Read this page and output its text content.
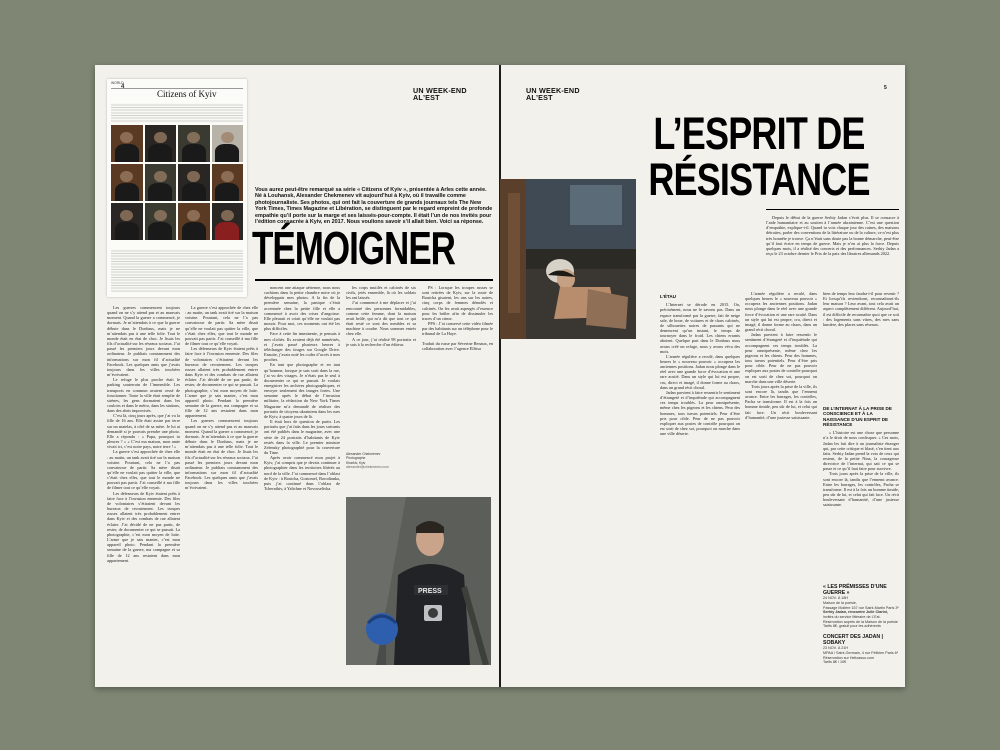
WORLD
4
Citizens of Kyiv	UN WEEK-END
ALʼEST
Vous aurez peut-être remarqué sa série « Citizens of Kyiv », présentée à Arles cette année. Né à Louhansk, Alexander Chekmenev vit aujourd’hui à Kyiv, où il travaille comme photojournaliste. Ses photos, qui ont fait la couverture de grands journaux tels The New York Times, Times Magazine et Libération, se distinguent par le regard empreint de profonde empathie qu’il porte sur la marge et ses laissés-pour-compte. Il était l’un de nos invités pour l’édition consacrée à Kyiv, en 2017. Nous voulions savoir s’il allait bien. Voici sa réponse.
TÉMOIGNER

Les guerres commencent toujours quand on ne s’y attend pas et au mauvais moment. Quand la guerre a commencé, je dormais. Je m’attendais à ce que la guerre débute dans le Donbass, mais je ne m’attendais pas à une telle folie. Tout le monde était en état de choc. Je lisais les fils d’actualité sur les réseaux sociaux. J’ai passé les premiers jours devant mon ordinateur. Je publiais constamment des informations sur mon fil d’actualité Facebook. Les quelques amis que j’avais toujours dans les villes touchées m’écrivaient.

Le refuge le plus proche était le parking souterrain de l’immeuble. Les transports en commun avaient cessé de fonctionner. Toute la ville était remplie de sirènes, les gens dormaient dans les couloirs et dans le métro, dans les stations, dans des abris improvisés.

C’est là, cinq jours après, que j’ai vu la fille de 16 ans. Elle était assise par terre sur un matelas, à côté de sa mère. Je lui ai demandé si je pouvais prendre une photo. Elle a répondu : « Papa, pourquoi tu pleures ? » « C’est ma maison, mon amie vivait ici, c’est notre pays, notre terre ! »

La guerre s’est approchée de chez elle : au matin, un tank avait tiré sur la maison voisine. Pourtant, cela ne l’a pas convaincue de partir. Sa mère disait qu’elle ne voulait pas quitter la ville, que c’était chez elles, que tout le monde ne pouvait pas partir. J’ai conseillé à ma fille de filmer tout ce qu’elle voyait.

Les défenseurs de Kyiv étaient prêts à faire face à l’invasion ennemie. Des files de volontaires s’étiraient devant les bureaux de recrutement. Les troupes russes allaient très probablement entrer dans Kyiv et des combats de rue allaient éclater. J’ai décidé de ne pas partir, de rester, de documenter ce qui se passait. La photographie, c’est mon moyen de lutte. L’arme que je sais manier, c’est mon appareil photo. Pendant la première semaine de la guerre, ma compagne et sa fille de 12 ans restaient dans mon appartement.

La guerre s’est approchée de chez elle : au matin, un tank avait tiré sur la maison voisine. Pourtant, cela ne l’a pas convaincue de partir. Sa mère disait qu’elle ne voulait pas quitter la ville, que c’était chez elles, que tout le monde ne pouvait pas partir. J’ai conseillé à ma fille de filmer tout ce qu’elle voyait.

Les défenseurs de Kyiv étaient prêts à faire face à l’invasion ennemie. Des files de volontaires s’étiraient devant les bureaux de recrutement. Les troupes russes allaient très probablement entrer dans Kyiv et des combats de rue allaient éclater. J’ai décidé de ne pas partir, de rester, de documenter ce qui se passait. La photographie, c’est mon moyen de lutte. L’arme que je sais manier, c’est mon appareil photo. Pendant la première semaine de la guerre, ma compagne et sa fille de 12 ans restaient dans mon appartement.

Les guerres commencent toujours quand on ne s’y attend pas et au mauvais moment. Quand la guerre a commencé, je dormais. Je m’attendais à ce que la guerre débute dans le Donbass, mais je ne m’attendais pas à une telle folie. Tout le monde était en état de choc. Je lisais les fils d’actualité sur les réseaux sociaux. J’ai passé les premiers jours devant mon ordinateur. Je publiais constamment des informations sur mon fil d’actualité Facebook. Les quelques amis que j’avais toujours dans les villes touchées m’écrivaient.

noncent une attaque aérienne, nous nous cachions dans la petite chambre noire où je développais mes photos. A la fin de la première semaine, la panique s’était accentuée chez la petite fille et elle a commencé à avoir des crises d’angoisse. Elle pleurait et criait qu’elle ne voulait pas mourir. Pour moi, ces moments ont été les plus difficiles.

Face à cette fin imminente, je pensais à mes clichés. Ils avaient déjà été numérisés, et j’avais passé plusieurs heures à télécharger des tirages sur Google Drive. Ensuite, j’avais noté les codes d’accès à mes proches.

En tant que photographe et en tant qu’homme, lorsque je suis sorti dans la rue, j’ai vu des visages. Je n’étais pas le seul à documenter ce qui se passait. Je voulais enregistrer les archives photographiques, et envoyer seulement des images fortes. Une semaine après le début de l’invasion militaire, la rédaction du New York Times Magazine m’a demandé de réaliser des portraits de citoyens ukrainiens dans les rues de Kyiv, à quatre jours de là.

Il était hors de question de partir. Les portraits que j’ai faits dans les jours suivants ont été publiés dans le magazine, avec une série de 24 portraits d’habitants de Kyiv restés dans la ville. Le premier ministre Zelensky photographié pour la couverture du Time.

Après avoir commencé mon projet à Kyiv, j’ai compris que je devais continuer à photographier dans les territoires libérés au nord de la ville. J’ai commencé dans l’oblast de Kyiv : à Boutcha, Gostomel, Borodianka, puis j’ai continué dans l’oblast de Tchernihiv, à Yaltchne et Novosselivka.

les corps mutilés et calcinés de six civils, jetés ensemble, là où les soldats les ont laissés.

J’ai commencé à me déplacer et j’ai rencontré des personnes formidables, comme cette femme, dont la maison avait brûlé, qui m’a dit que tout ce qui était resté ce sont des meubles et sa machine à coudre. Nous sommes entrés chez elle.

A ce jour, j’ai réalisé 98 portraits et je suis à la recherche d’un éditeur.

PS : Lorsque les troupes russes se sont retirées de Kyiv, sur la route de Boutcha gisaient, les uns sur les autres, cinq corps de femmes dénudés et calcinés. On les avait aspergés d’essence pour les brûler afin de dissimuler les traces d’un crime.

PPS : J’ai conservé cette vidéo filmée par des habitants sur un téléphone pour le tribunal de La Haye.

Traduit du russe par Séverine Renaux, en collaboration avec l’agence Elfitsa

Alexander Chekmenev
Photographe
Kharkiv, Kyiv
alexander@chekmenev.com
PRESS
UN WEEK-END
ALʼEST
5
L’ESPRIT DE RÉSISTANCE

Depuis le début de la guerre Serhiy Jadan s’écrit plus. Il se consacre à l’aide humanitaire et au soutien à l’armée ukrainienne. C’est une question d’empathie, explique-t-il. Quand tu vois chaque jour des ruines, des maisons détruites, parler des conventions de la littérature ou de la culture, ce n’est plus très honnête je trouve. Ça n’était sans doute pas la bonne démarche, peut-être qu’il faut écrire en temps de guerre. Mais je n’en ai plus la force. Depuis quelques mois, il a réalisé des concerts et des performances. Serhiy Jadan a reçu le 23 octobre dernier le Prix de la paix des libraires allemands 2022.

L’ÉTAU

L’Internet se dérode en 2015. Ou, précisément, nous ne le savons pas. Dans un espace transformé par la guerre, fait de neige sale, de boue, de voitures et de chars calcinés, de silhouettes noires de passants qui ne demeurent qu’un instant, le temps de tournoyer dans le froid. Les chiens errants aboient. Quelque part dans le Donbass nous avons créé un refuge, nous y avons vécu des mois.

L’armée régulière a reculé, dans quelques heures le « nouveau pouvoir » occupera les anciennes positions. Jadan nous plonge dans le réel avec une grande force d’évocation et une rare acuité. Dans un style qui lui est propre, cru, direct et imagé, il donne forme au chaos, dans un grand récit choral.

Jadan parvient à faire ressentir le sentiment d’étrangeté et d’inquiétude qui accompagnent ces temps troublés. La peur omniprésente, même chez les pigeons et les chiens. Peur des hommes, tous tueurs potentiels. Peur d’être pris pour cible. Peur de ne pas pouvoir expliquer aux postes de contrôle pourquoi on est sorti de chez soi, pourquoi on marche dans une ville déserte.

L’armée régulière a reculé, dans quelques heures le « nouveau pouvoir » occupera les anciennes positions. Jadan nous plonge dans le réel avec une grande force d’évocation et une rare acuité. Dans un style qui lui est propre, cru, direct et imagé, il donne forme au chaos, dans un grand récit choral.

Jadan parvient à faire ressentir le sentiment d’étrangeté et d’inquiétude qui accompagnent ces temps troublés. La peur omniprésente, même chez les pigeons et les chiens. Peur des hommes, tous tueurs potentiels. Peur d’être pris pour cible. Peur de ne pas pouvoir expliquer aux postes de contrôle pourquoi on est sorti de chez soi, pourquoi on marche dans une ville déserte.

Trois jours après la prise de la ville, ils sont encore là, tandis que l’ennemi avance. Entre les barrages, les contrôles, Pacha se transforme. Il est à la fois un homme timide, peu sûr de lui, et celui qui fait face. Un récit bouleversant d’humanité, d’une justesse saisissante.

bien de temps leur faudra-t-il pour revenir ? Et lorsqu’ils reviendront, reconnaîtront-ils leur maison ? Leur avant, tout cela avait un aspect complètement différent. Aujourd’hui, il est difficile de reconnaître quoi que ce soit : des logements sans vitres, des rues sans lumière, des places sans réseaux.

DE L’INTERNAT À LA PRISE DE CONSCIENCE ET À LA NAISSANCE D’UN ESPRIT DE RÉSISTANCE

« L’histoire est une chose que personne n’a le droit de nous confisquer. » Ces mots, Jadan les fait dire à un journaliste étranger qui, par cette critique et blasé, s’en tient aux faits. Serhiy Jadan prend la voix de ceux qui restent, de la petite Nina, la courageuse directrice de l’internat, qui sait ce qui se passe et ce qu’il faut faire pour survivre.

Trois jours après la prise de la ville, ils sont encore là, tandis que l’ennemi avance. Entre les barrages, les contrôles, Pacha se transforme. Il est à la fois un homme timide, peu sûr de lui, et celui qui fait face. Un récit bouleversant d’humanité, d’une justesse saisissante.

« LES PRÉMISSES D’UNE GUERRE »
24 NOV. À 18H
Maison de la poésie,
Passage Molière 157 rue Saint-Martin Paris 3ᵉ
Serhiy Jadan, rencontre Julie Clarini,
invités du service littéraire de L’Est.
Réservation auprès de la Maison de la poésie
Tarifs 8€, gratuit pour les adhérents
CONCERT DES JADAN | SOBAKY
23 NOV. À 21H
MPAA / Saint-Germain, 4 rue Félibien Paris 6ᵉ
Réservation sur Helloasso.com
Tarifs 8€ / 10€
